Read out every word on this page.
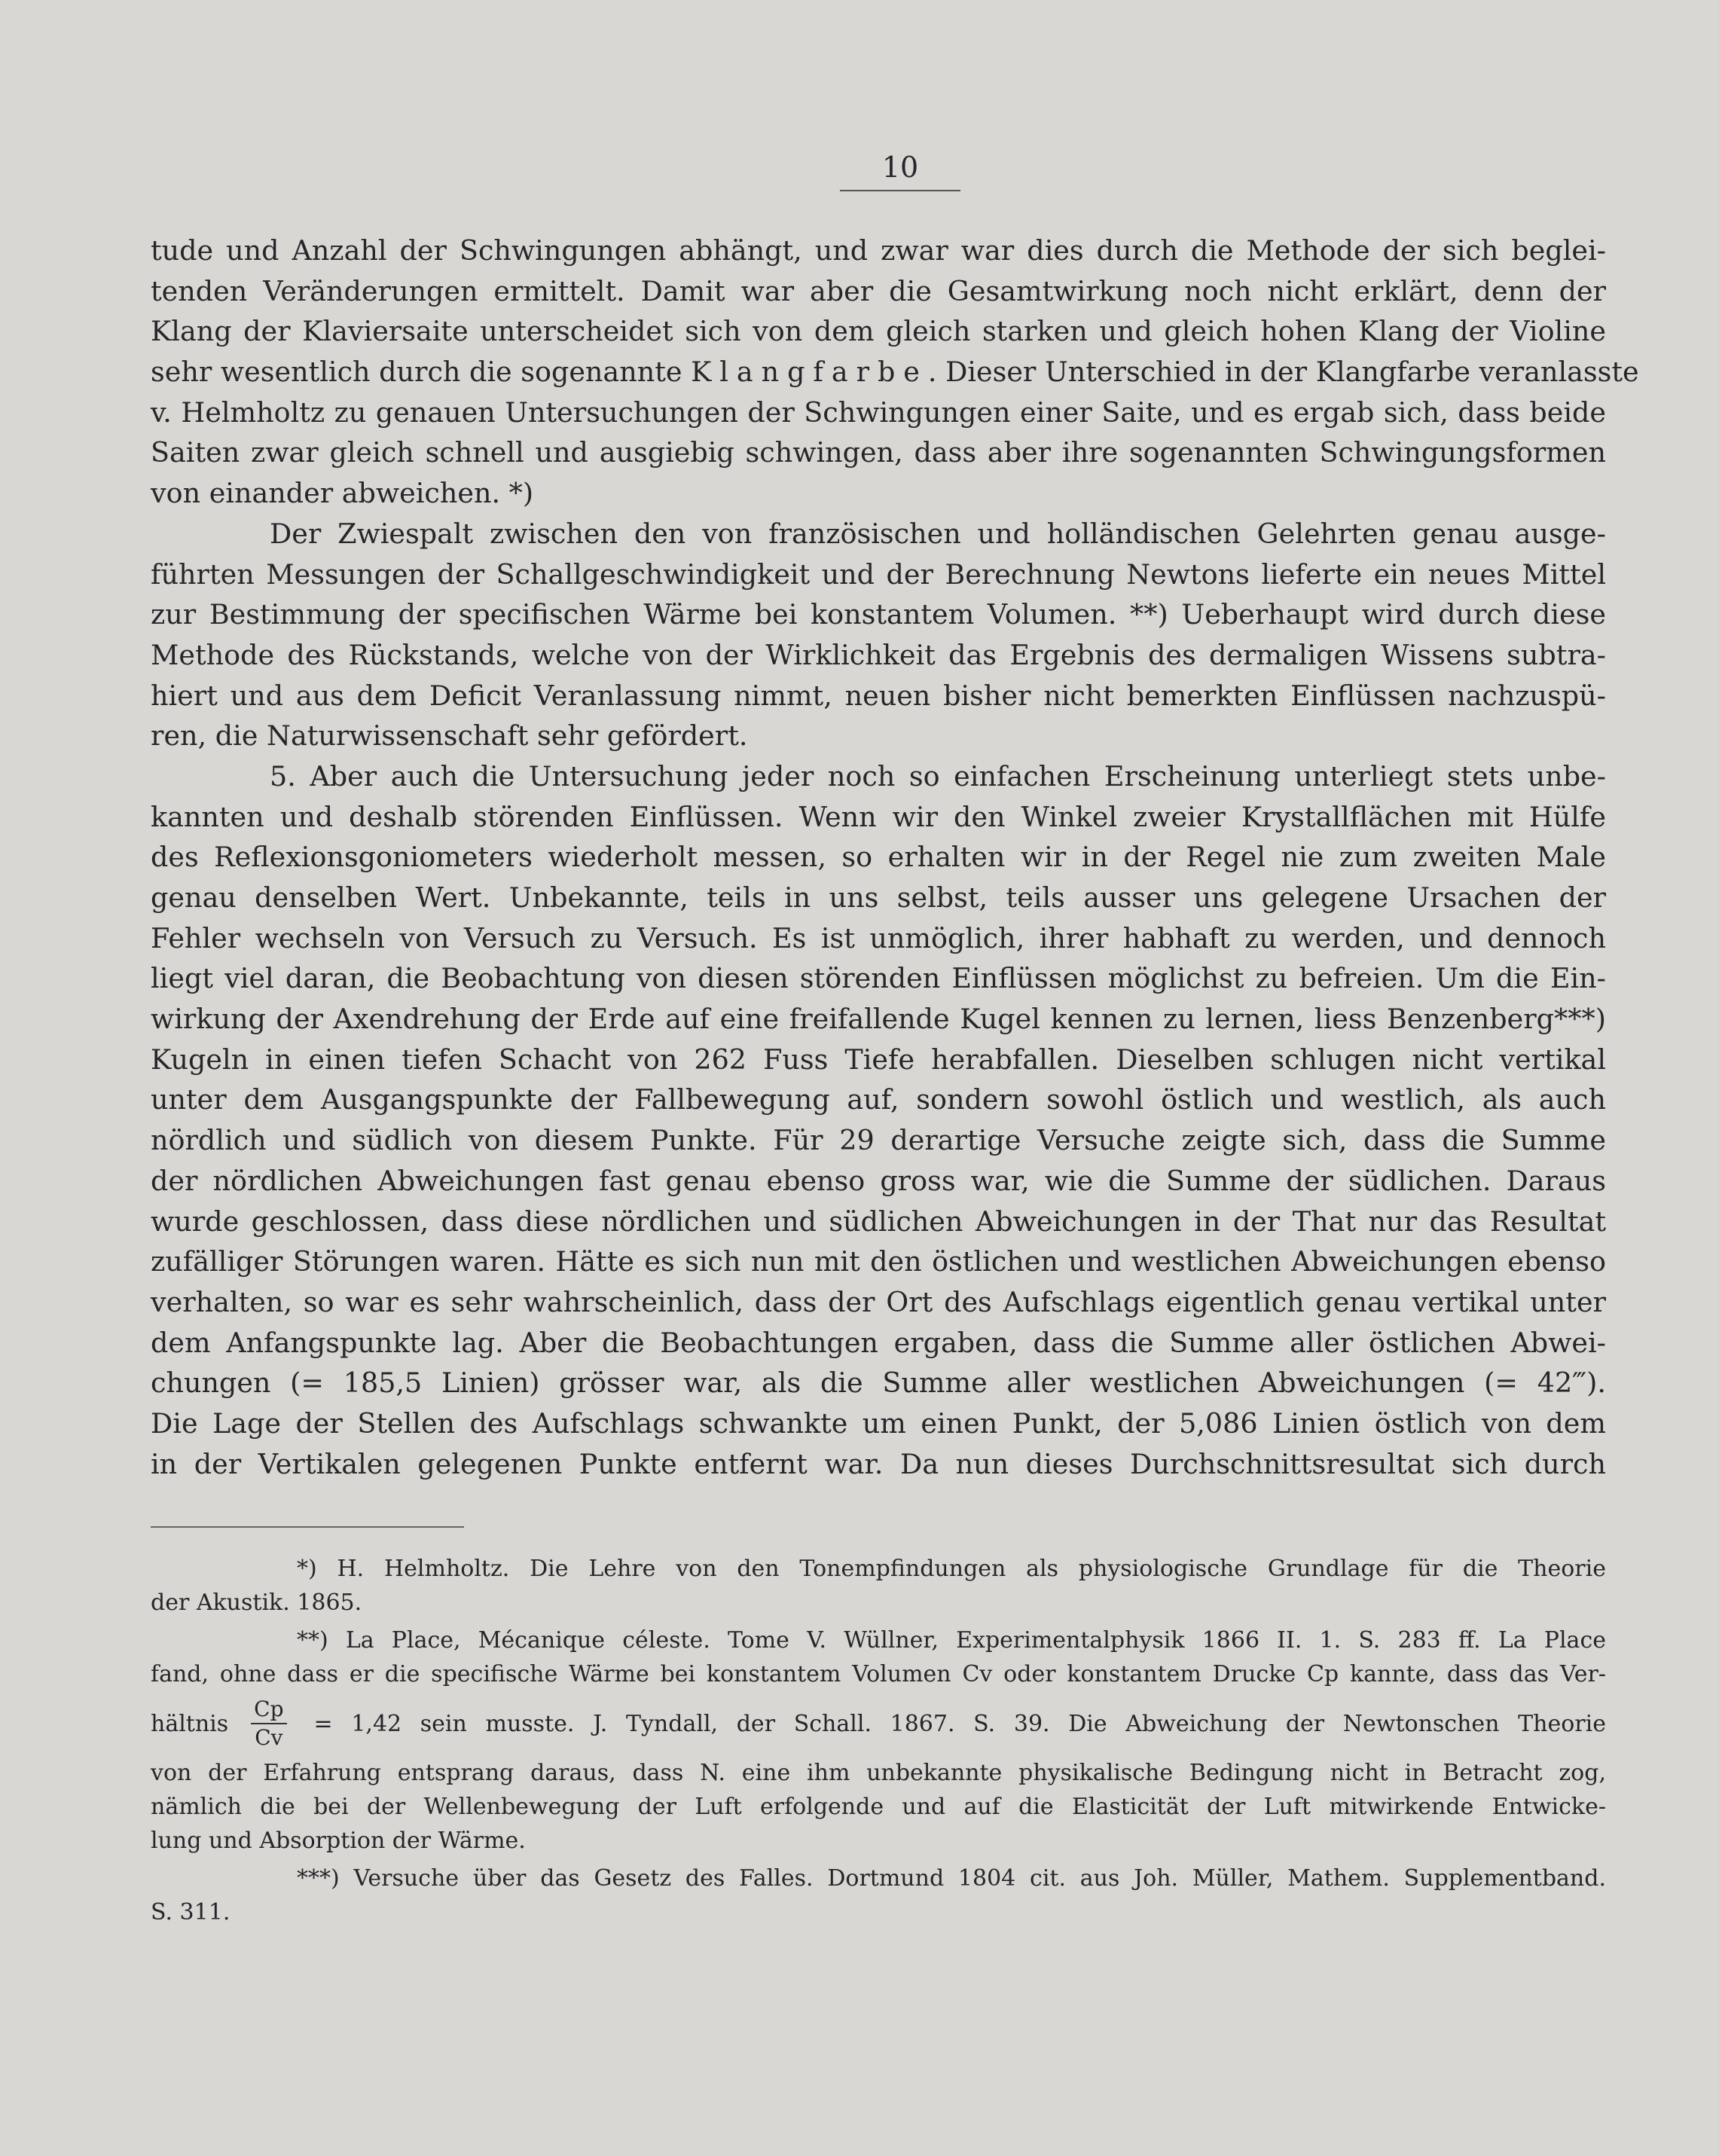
10
tude und Anzahl der Schwingungen abhängt, und zwar war dies durch die Methode der sich beglei-
tenden Veränderungen ermittelt. Damit war aber die Gesamtwirkung noch nicht erklärt, denn der
Klang der Klaviersaite unterscheidet sich von dem gleich starken und gleich hohen Klang der Violine
sehr wesentlich durch die sogenannte Klangfarbe. Dieser Unterschied in der Klangfarbe veranlasste
v. Helmholtz zu genauen Untersuchungen der Schwingungen einer Saite, und es ergab sich, dass beide
Saiten zwar gleich schnell und ausgiebig schwingen, dass aber ihre sogenannten Schwingungsformen
von einander abweichen. *)
Der Zwiespalt zwischen den von französischen und holländischen Gelehrten genau ausge-
führten Messungen der Schallgeschwindigkeit und der Berechnung Newtons lieferte ein neues Mittel
zur Bestimmung der specifischen Wärme bei konstantem Volumen. **) Ueberhaupt wird durch diese
Methode des Rückstands, welche von der Wirklichkeit das Ergebnis des dermaligen Wissens subtra-
hiert und aus dem Deficit Veranlassung nimmt, neuen bisher nicht bemerkten Einflüssen nachzuspü-
ren, die Naturwissenschaft sehr gefördert.
5. Aber auch die Untersuchung jeder noch so einfachen Erscheinung unterliegt stets unbe-
kannten und deshalb störenden Einflüssen. Wenn wir den Winkel zweier Krystallflächen mit Hülfe
des Reflexionsgoniometers wiederholt messen, so erhalten wir in der Regel nie zum zweiten Male
genau denselben Wert. Unbekannte, teils in uns selbst, teils ausser uns gelegene Ursachen der
Fehler wechseln von Versuch zu Versuch. Es ist unmöglich, ihrer habhaft zu werden, und dennoch
liegt viel daran, die Beobachtung von diesen störenden Einflüssen möglichst zu befreien. Um die Ein-
wirkung der Axendrehung der Erde auf eine freifallende Kugel kennen zu lernen, liess Benzenberg***)
Kugeln in einen tiefen Schacht von 262 Fuss Tiefe herabfallen. Dieselben schlugen nicht vertikal
unter dem Ausgangspunkte der Fallbewegung auf, sondern sowohl östlich und westlich, als auch
nördlich und südlich von diesem Punkte. Für 29 derartige Versuche zeigte sich, dass die Summe
der nördlichen Abweichungen fast genau ebenso gross war, wie die Summe der südlichen. Daraus
wurde geschlossen, dass diese nördlichen und südlichen Abweichungen in der That nur das Resultat
zufälliger Störungen waren. Hätte es sich nun mit den östlichen und westlichen Abweichungen ebenso
verhalten, so war es sehr wahrscheinlich, dass der Ort des Aufschlags eigentlich genau vertikal unter
dem Anfangspunkte lag. Aber die Beobachtungen ergaben, dass die Summe aller östlichen Abwei-
chungen (= 185,5 Linien) grösser war, als die Summe aller westlichen Abweichungen (= 42‴).
Die Lage der Stellen des Aufschlags schwankte um einen Punkt, der 5,086 Linien östlich von dem
in der Vertikalen gelegenen Punkte entfernt war. Da nun dieses Durchschnittsresultat sich durch
*) H. Helmholtz. Die Lehre von den Tonempfindungen als physiologische Grundlage für die Theorie
der Akustik. 1865.
**) La Place, Mécanique céleste. Tome V. Wüllner, Experimentalphysik 1866 II. 1. S. 283 ff. La Place
fand, ohne dass er die specifische Wärme bei konstantem Volumen Cv oder konstantem Drucke Cp kannte, dass das Ver-
hältnis $\frac{Cp}{Cv}$	= 1,42 sein musste. J. Tyndall, der Schall. 1867. S. 39. Die Abweichung der Newtonschen Theorie
von der Erfahrung entsprang daraus, dass N. eine ihm unbekannte physikalische Bedingung nicht in Betracht zog,
nämlich die bei der Wellenbewegung der Luft erfolgende und auf die Elasticität der Luft mitwirkende Entwicke-
lung und Absorption der Wärme.
***) Versuche über das Gesetz des Falles. Dortmund 1804 cit. aus Joh. Müller, Mathem. Supplementband.
S. 311.
